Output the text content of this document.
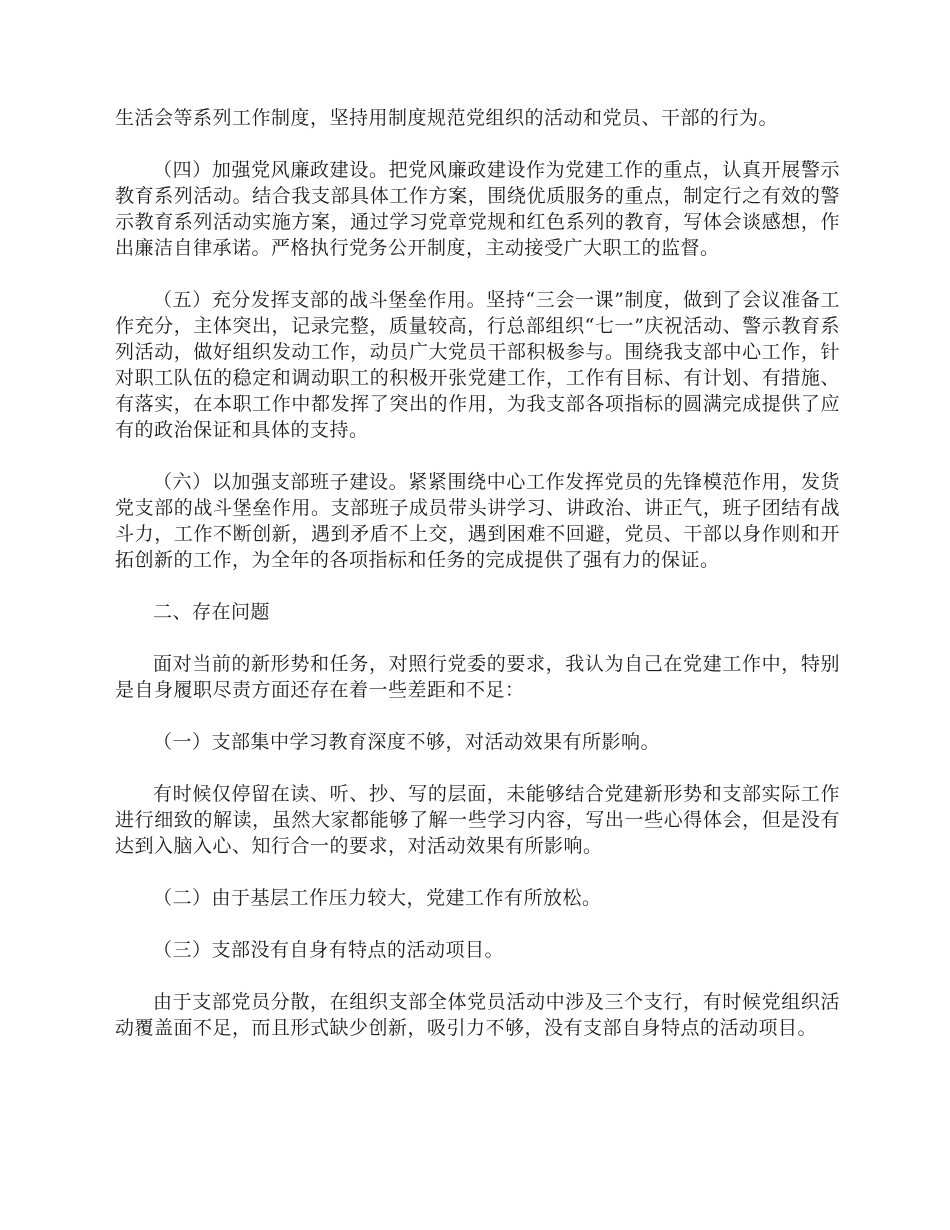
生活会等系列工作制度，坚持用制度规范党组织的活动和党员、干部的行为。

（四）加强党风廉政建设。把党风廉政建设作为党建工作的重点，认真开展警示教育系列活动。结合我支部具体工作方案，围绕优质服务的重点，制定行之有效的警示教育系列活动实施方案，通过学习党章党规和红色系列的教育，写体会谈感想，作出廉洁自律承诺。严格执行党务公开制度，主动接受广大职工的监督。

（五）充分发挥支部的战斗堡垒作用。坚持“三会一课”制度，做到了会议准备工作充分，主体突出，记录完整，质量较高，行总部组织“七一”庆祝活动、警示教育系列活动，做好组织发动工作，动员广大党员干部积极参与。围绕我支部中心工作，针对职工队伍的稳定和调动职工的积极开张党建工作，工作有目标、有计划、有措施、有落实，在本职工作中都发挥了突出的作用，为我支部各项指标的圆满完成提供了应有的政治保证和具体的支持。

（六）以加强支部班子建设。紧紧围绕中心工作发挥党员的先锋模范作用，发货党支部的战斗堡垒作用。支部班子成员带头讲学习、讲政治、讲正气，班子团结有战斗力，工作不断创新，遇到矛盾不上交，遇到困难不回避，党员、干部以身作则和开拓创新的工作，为全年的各项指标和任务的完成提供了强有力的保证。

二、存在问题

面对当前的新形势和任务，对照行党委的要求，我认为自己在党建工作中，特别是自身履职尽责方面还存在着一些差距和不足：

（一）支部集中学习教育深度不够，对活动效果有所影响。

有时候仅停留在读、听、抄、写的层面，未能够结合党建新形势和支部实际工作进行细致的解读，虽然大家都能够了解一些学习内容，写出一些心得体会，但是没有达到入脑入心、知行合一的要求，对活动效果有所影响。

（二）由于基层工作压力较大，党建工作有所放松。

（三）支部没有自身有特点的活动项目。

由于支部党员分散，在组织支部全体党员活动中涉及三个支行，有时候党组织活动覆盖面不足，而且形式缺少创新，吸引力不够，没有支部自身特点的活动项目。
